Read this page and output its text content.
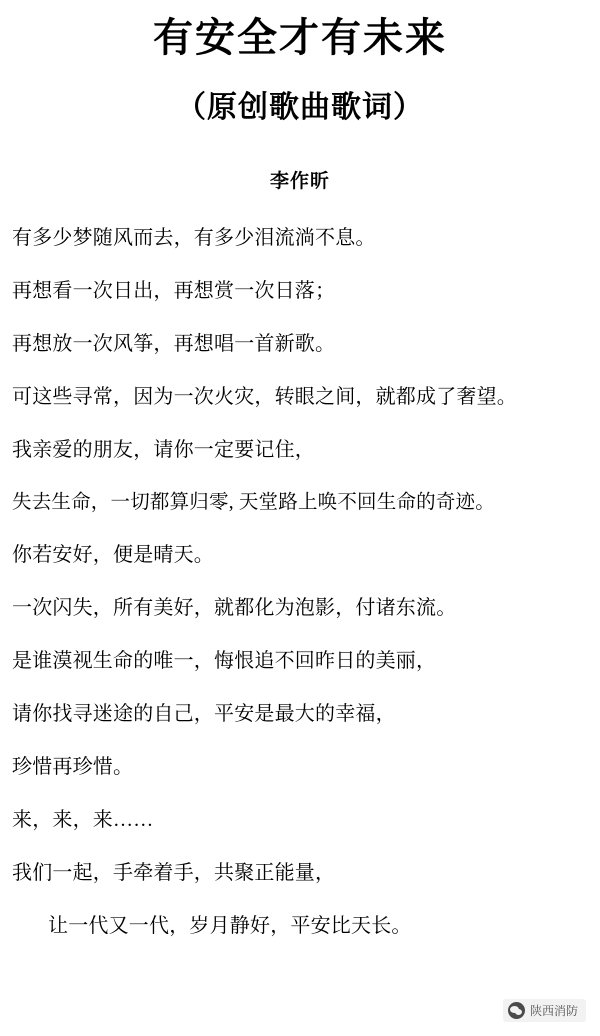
有安全才有未来
（原创歌曲歌词）
李作昕

有多少梦随风而去，有多少泪流淌不息。

再想看一次日出，再想赏一次日落；

再想放一次风筝，再想唱一首新歌。

可这些寻常，因为一次火灾，转眼之间，就都成了奢望。

我亲爱的朋友，请你一定要记住，

失去生命，一切都算归零, 天堂路上唤不回生命的奇迹。

你若安好，便是晴天。

一次闪失，所有美好，就都化为泡影，付诸东流。

是谁漠视生命的唯一，悔恨追不回昨日的美丽，

请你找寻迷途的自己，平安是最大的幸福，

珍惜再珍惜。

来，来，来……

我们一起，手牵着手，共聚正能量，

让一代又一代，岁月静好，平安比天长。

陕西消防
